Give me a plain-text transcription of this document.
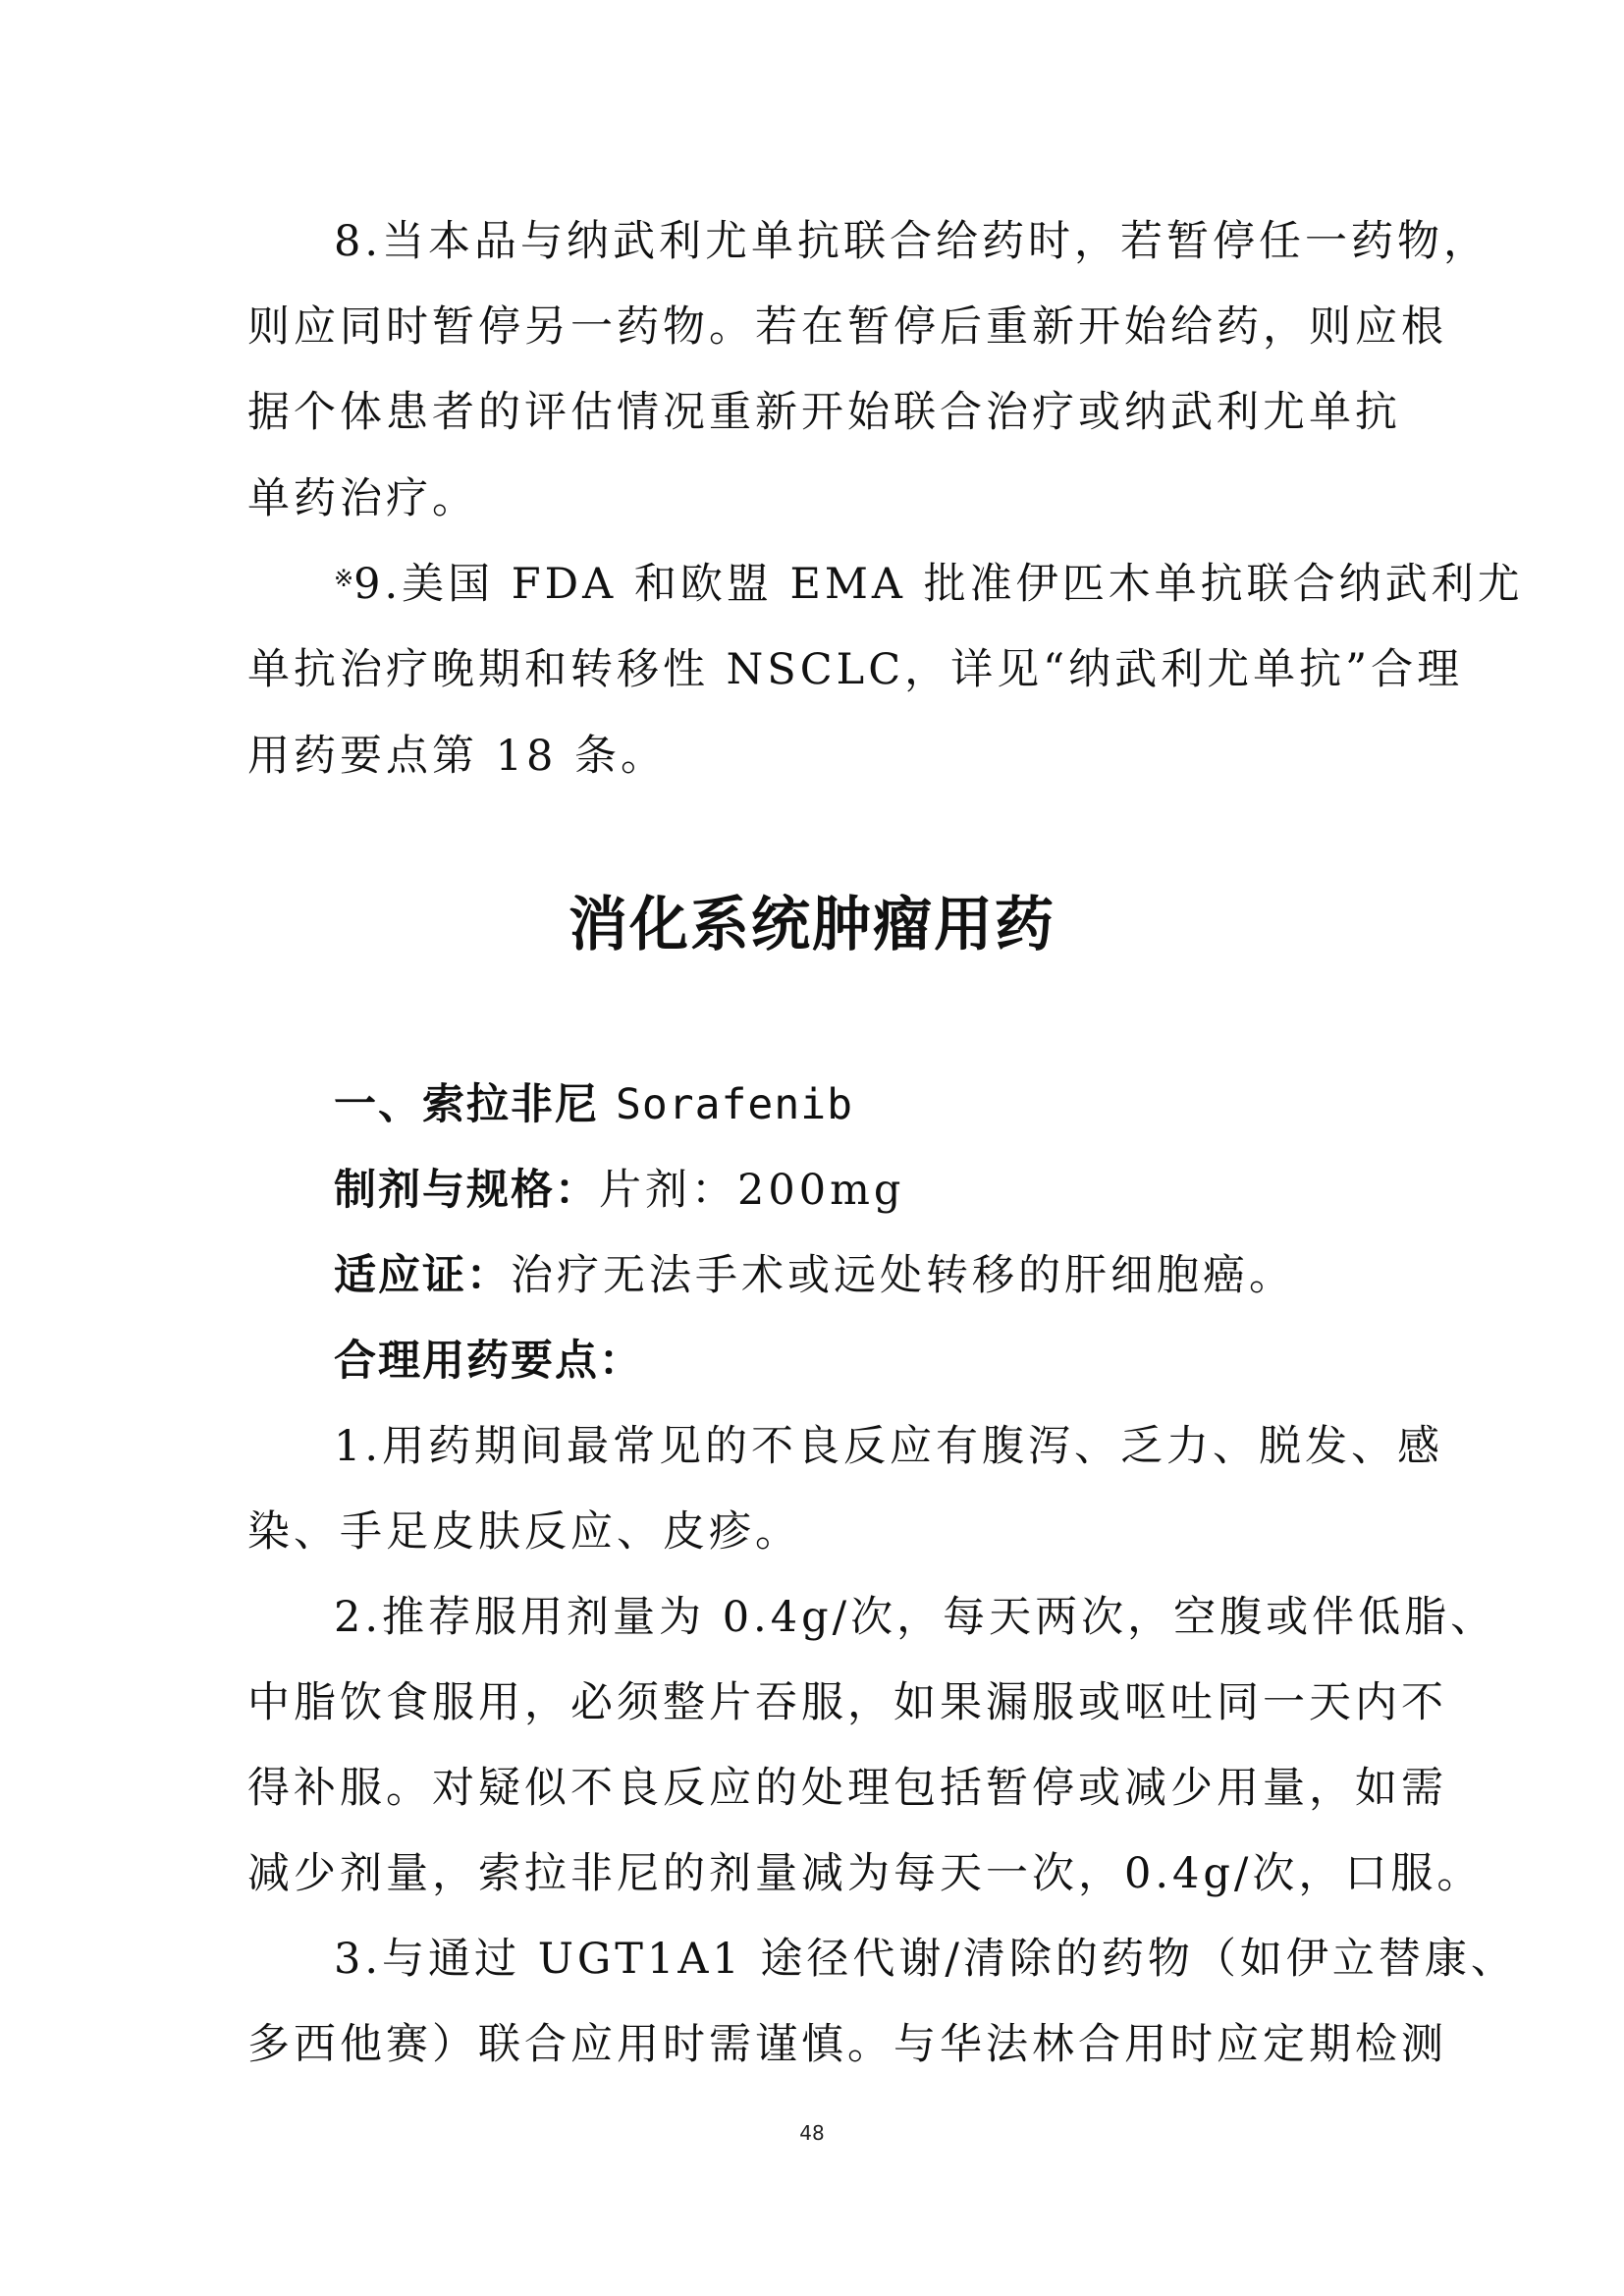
8.当本品与纳武利尤单抗联合给药时，若暂停任一药物，
则应同时暂停另一药物。若在暂停后重新开始给药，则应根
据个体患者的评估情况重新开始联合治疗或纳武利尤单抗
单药治疗。
※9.美国 FDA 和欧盟 EMA 批准伊匹木单抗联合纳武利尤
单抗治疗晚期和转移性 NSCLC，详见“纳武利尤单抗”合理
用药要点第 18 条。
消化系统肿瘤用药
一、索拉非尼 Sorafenib
制剂与规格：片剂：200mg
适应证：治疗无法手术或远处转移的肝细胞癌。
合理用药要点：
1.用药期间最常见的不良反应有腹泻、乏力、脱发、感
染、手足皮肤反应、皮疹。
2.推荐服用剂量为 0.4g/次，每天两次，空腹或伴低脂、
中脂饮食服用，必须整片吞服，如果漏服或呕吐同一天内不
得补服。对疑似不良反应的处理包括暂停或减少用量，如需
减少剂量，索拉非尼的剂量减为每天一次，0.4g/次，口服。
3.与通过 UGT1A1 途径代谢/清除的药物（如伊立替康、
多西他赛）联合应用时需谨慎。与华法林合用时应定期检测
48
